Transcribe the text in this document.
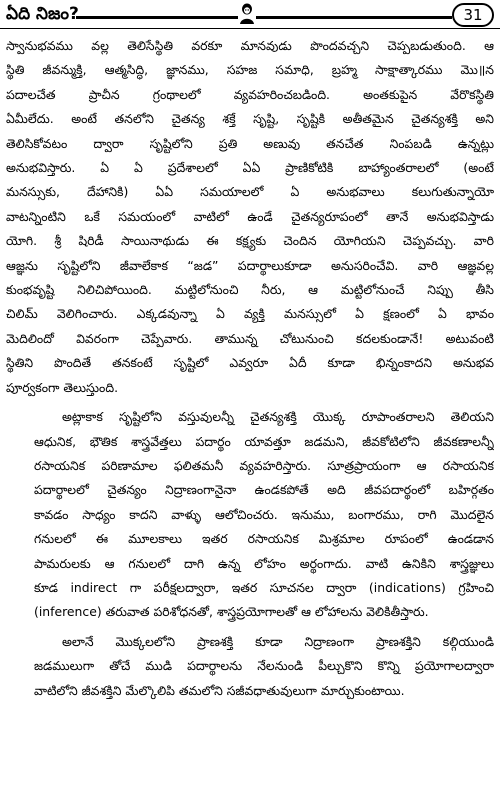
ఏది నిజం?	31
స్వానుభవము వల్ల తెలిసేస్థితి వరకూ మానవుడు పొందవచ్చని చెప్పబడుతుంది. ఆ
స్థితి జీవన్ముక్తి, ఆత్మసిద్ధి, జ్ఞానము, సహజ సమాధి, బ్రహ్మ సాక్షాత్కారము మొ॥న
పదాలచేత ప్రాచీన గ్రంథాలలో వ్యవహరించబడింది. అంతకుపైన వేరొకస్థితి
ఏమీలేదు. అంటే తనలోని చైతన్య శక్తే సృష్టి, సృష్టికి అతీతమైన చైతన్యశక్తి అని
తెలిసికోవటం ద్వారా సృష్టిలోని ప్రతి అణువు తనచేత నింపబడి ఉన్నట్లు
అనుభవిస్తారు. ఏ ఏ ప్రదేశాలలో ఏఏ ప్రాణికోటికి బాహ్యాంతరాలలో (అంటే
మనస్సుకు, దేహానికి) ఏఏ సమయాలలో ఏ అనుభవాలు కలుగుతున్నాయో
వాటన్నింటిని ఒకే సమయంలో వాటిలో ఉండే చైతన్యరూపంలో తానే అనుభవిస్తాడు
యోగి. శ్రీ షిరిడీ సాయినాథుడు ఈ కక్ష్యకు చెందిన యోగియని చెప్పవచ్చు. వారి
ఆజ్ఞను సృష్టిలోని జీవాలేకాక “జడ” పదార్థాలుకూడా అనుసరించేవి. వారి ఆజ్ఞవల్ల
కుంభవృష్టి నిలిచిపోయింది. మట్టిలోనుంచి నీరు, ఆ మట్టిలోనుంచే నిప్పు తీసి
చిలిమ్ వెలిగించారు. ఎక్కడవున్నా ఏ వ్యక్తి మనస్సులో ఏ క్షణంలో ఏ భావం
మెదిలిందో వివరంగా చెప్పేవారు. తామున్న చోటునుంచి కదలకుండానే! అటువంటి
స్థితిని పొందితే తనకంటే సృష్టిలో ఎవ్వరూ ఏదీ కూడా భిన్నంకాదని అనుభవ
పూర్వకంగా తెలుస్తుంది.
అట్లాకాక సృష్టిలోని వస్తువులన్నీ చైతన్యశక్తి యొక్క రూపాంతరాలని తెలియని
ఆధునిక, భౌతిక శాస్త్రవేత్తలు పదార్థం యావత్తూ జడమని, జీవకోటిలోని జీవకణాలన్నీ
రసాయనిక పరిణామాల ఫలితమనీ వ్యవహరిస్తారు. సూత్రప్రాయంగా ఆ రసాయనిక
పదార్థాలలో చైతన్యం నిద్రాణంగానైనా ఉండకపోతే అది జీవపదార్థంలో బహిర్గతం
కావడం సాధ్యం కాదని వాళ్ళు ఆలోచించరు. ఇనుము, బంగారము, రాగి మొదలైన
గనులలో ఈ మూలకాలు ఇతర రసాయనిక మిశ్రమాల రూపంలో ఉండడాన
పామరులకు ఆ గనులలో దాగి ఉన్న లోహం అర్థంగాదు. వాటి ఉనికిని శాస్త్రజ్ఞులు
కూడ indirect గా పరీక్షలద్వారా, ఇతర సూచనల ద్వారా (indications) గ్రహించి
(inference) తరువాత పరిశోధనతో, శాస్త్రప్రయోగాలతో ఆ లోహాలను వెలికితీస్తారు.
అలానే మొక్కలలోని ప్రాణశక్తి కూడా నిద్రాణంగా ప్రాణశక్తిని కల్గియుండి
జడములుగా తోచే ముడి పదార్థాలను నేలనుండి పీల్చుకొని కొన్ని ప్రయోగాలద్వారా
వాటిలోని జీవశక్తిని మేల్కొలిపి తమలోని సజీవధాతువులుగా మార్చుకుంటాయి.
